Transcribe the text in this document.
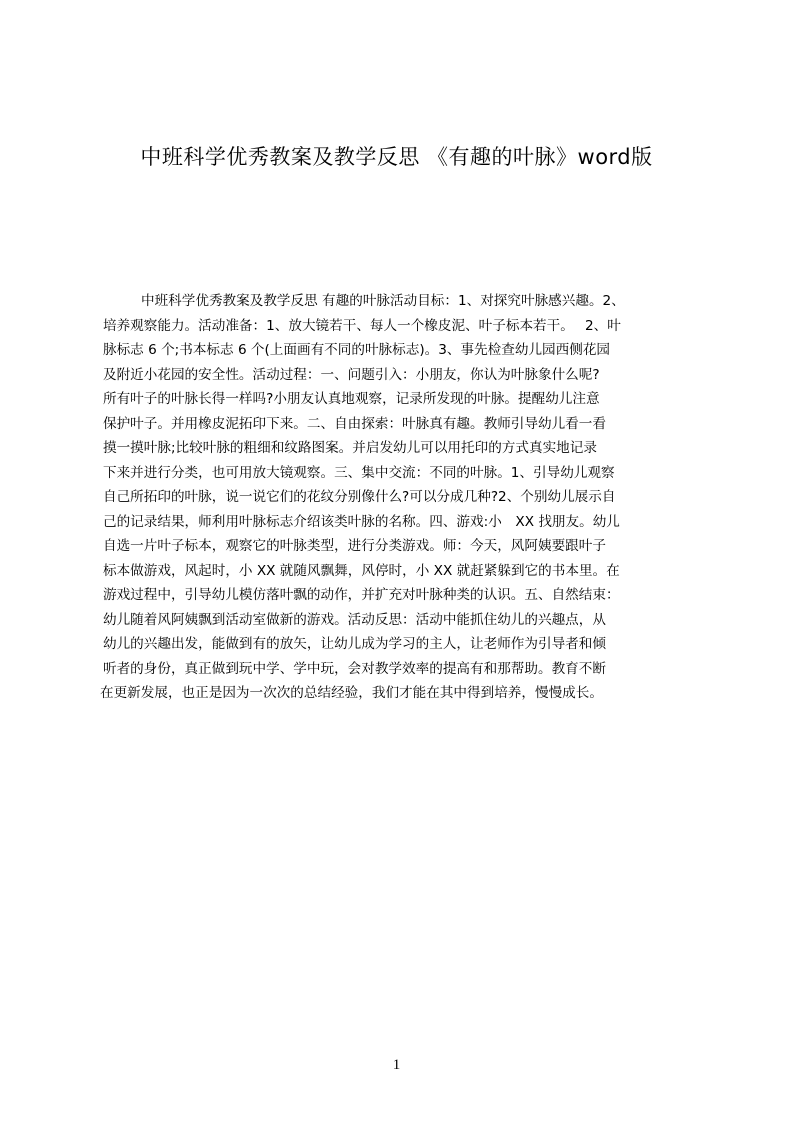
中班科学优秀教案及教学反思 《有趣的叶脉》word版
中班科学优秀教案及教学反思 有趣的叶脉活动目标：1、对探究叶脉感兴趣。2、
培养观察能力。活动准备：1、放大镜若干、每人一个橡皮泥、叶子标本若干。　 2、叶
脉标志 6 个;书本标志 6 个(上面画有不同的叶脉标志)。3、事先检查幼儿园西侧花园
及附近小花园的安全性。活动过程：一、问题引入：小朋友，你认为叶脉象什么呢?
所有叶子的叶脉长得一样吗?小朋友认真地观察，记录所发现的叶脉。提醒幼儿注意
保护叶子。并用橡皮泥拓印下来。二、自由探索：叶脉真有趣。教师引导幼儿看一看
摸一摸叶脉;比较叶脉的粗细和纹路图案。并启发幼儿可以用托印的方式真实地记录
下来并进行分类，也可用放大镜观察。三、集中交流：不同的叶脉。1、引导幼儿观察
自己所拓印的叶脉，说一说它们的花纹分别像什么?可以分成几种?2、个别幼儿展示自
己的记录结果，师利用叶脉标志介绍该类叶脉的名称。四、游戏:小　XX 找朋友。幼儿
自选一片叶子标本，观察它的叶脉类型，进行分类游戏。师：今天，风阿姨要跟叶子
标本做游戏，风起时，小 XX 就随风飘舞，风停时，小 XX 就赶紧躲到它的书本里。在
游戏过程中，引导幼儿模仿落叶飘的动作，并扩充对叶脉种类的认识。五、自然结束：
幼儿随着风阿姨飘到活动室做新的游戏。活动反思：活动中能抓住幼儿的兴趣点，从
幼儿的兴趣出发，能做到有的放矢，让幼儿成为学习的主人，让老师作为引导者和倾
听者的身份，真正做到玩中学、学中玩，会对教学效率的提高有和那帮助。教育不断
在更新发展，也正是因为一次次的总结经验，我们才能在其中得到培养，慢慢成长。
1
